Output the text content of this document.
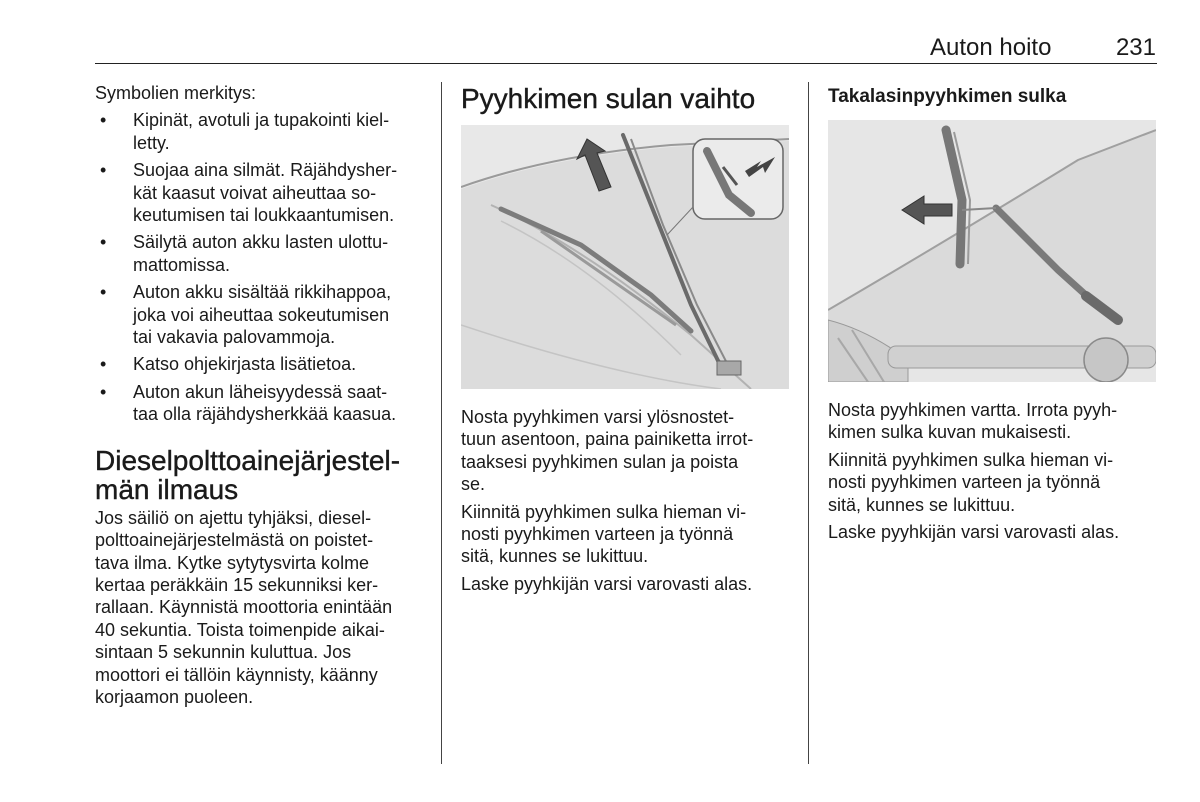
Auton hoito	231

Symbolien merkitys:

• Kipinät, avotuli ja tupakointi kiel-
letty.
• Suojaa aina silmät. Räjähdysher-
kät kaasut voivat aiheuttaa so-
keutumisen tai loukkaantumisen.
• Säilytä auton akku lasten ulottu-
mattomissa.
• Auton akku sisältää rikkihappoa,
joka voi aiheuttaa sokeutumisen
tai vakavia palovammoja.
• Katso ohjekirjasta lisätietoa.
• Auton akun läheisyydessä saat-
taa olla räjähdysherkkää kaasua.
Dieselpolttoainejärjestel-
män ilmaus

Jos säiliö on ajettu tyhjäksi, diesel-
polttoainejärjestelmästä on poistet-
tava ilma. Kytke sytytysvirta kolme
kertaa peräkkäin 15 sekunniksi ker-
rallaan. Käynnistä moottoria enintään
40 sekuntia. Toista toimenpide aikai-
sintaan 5 sekunnin kuluttua. Jos
moottori ei tällöin käynnisty, käänny
korjaamon puoleen.

Pyyhkimen sulan vaihto

Nosta pyyhkimen varsi ylösnostet-
tuun asentoon, paina painiketta irrot-
taaksesi pyyhkimen sulan ja poista
se.

Kiinnitä pyyhkimen sulka hieman vi-
nosti pyyhkimen varteen ja työnnä
sitä, kunnes se lukittuu.

Laske pyyhkijän varsi varovasti alas.

Takalasinpyyhkimen sulka

Nosta pyyhkimen vartta. Irrota pyyh-
kimen sulka kuvan mukaisesti.

Kiinnitä pyyhkimen sulka hieman vi-
nosti pyyhkimen varteen ja työnnä
sitä, kunnes se lukittuu.

Laske pyyhkijän varsi varovasti alas.
